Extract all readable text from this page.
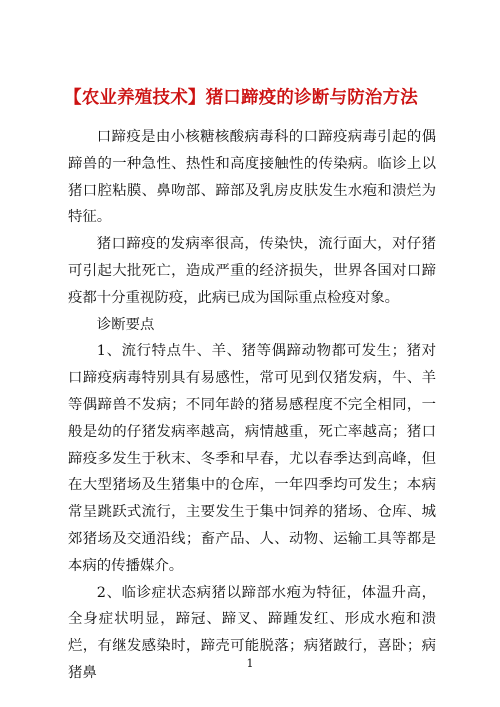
【农业养殖技术】猪口蹄疫的诊断与防治方法

口蹄疫是由小核糖核酸病毒科的口蹄疫病毒引起的偶蹄兽的一种急性、热性和高度接触性的传染病。临诊上以猪口腔粘膜、鼻吻部、蹄部及乳房皮肤发生水疱和溃烂为特征。

猪口蹄疫的发病率很高，传染快，流行面大，对仔猪可引起大批死亡，造成严重的经济损失，世界各国对口蹄疫都十分重视防疫，此病已成为国际重点检疫对象。

诊断要点

1、流行特点牛、羊、猪等偶蹄动物都可发生；猪对口蹄疫病毒特别具有易感性，常可见到仅猪发病，牛、羊等偶蹄兽不发病；不同年龄的猪易感程度不完全相同，一般是幼的仔猪发病率越高，病情越重，死亡率越高；猪口蹄疫多发生于秋末、冬季和早春，尤以春季达到高峰，但在大型猪场及生猪集中的仓库，一年四季均可发生；本病常呈跳跃式流行，主要发生于集中饲养的猪场、仓库、城郊猪场及交通沿线；畜产品、人、动物、运输工具等都是本病的传播媒介。

2、临诊症状态病猪以蹄部水疱为特征，体温升高，全身症状明显，蹄冠、蹄叉、蹄踵发红、形成水疱和溃烂，有继发感染时，蹄壳可能脱落；病猪跛行，喜卧；病猪鼻

1
